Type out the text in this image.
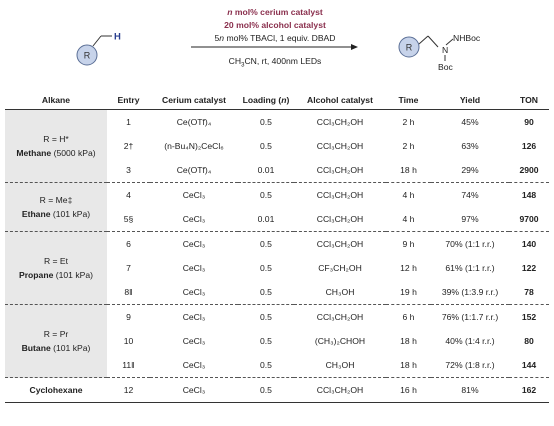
R
H
R	N
NHBoc
Boc
n mol% cerium catalyst
20 mol% alcohol catalyst
5n mol% TBACl, 1 equiv. DBAD
$CH_3CN$, rt, 400nm LEDs
Alkane	Entry	Cerium catalyst	Loading (n)	Alcohol catalyst	Time	Yield	TON
R = H*
Methane (5000 kPa)	1	Ce(OTf)₄	0.5	CCl₃CH₂OH	2 h	45%	90
	2†	(n-Bu₄N)₂CeCl₆	0.5	CCl₃CH₂OH	2 h	63%	126
	3	Ce(OTf)₄	0.01	CCl₃CH₂OH	18 h	29%	2900
R = Me‡
Ethane (101 kPa)	4	CeCl₃	0.5	CCl₃CH₂OH	4 h	74%	148
	5§	CeCl₃	0.01	CCl₃CH₂OH	4 h	97%	9700
R = Et
Propane (101 kPa)	6	CeCl₃	0.5	CCl₃CH₂OH	9 h	70% (1:1 r.r.)	140
	7	CeCl₃	0.5	CF₃CH₂OH	12 h	61% (1:1 r.r.)	122
	8‖	CeCl₃	0.5	CH₃OH	19 h	39% (1:3.9 r.r.)	78
R = Pr
Butane (101 kPa)	9	CeCl₃	0.5	CCl₃CH₂OH	6 h	76% (1:1.7 r.r.)	152
	10	CeCl₃	0.5	(CH₃)₂CHOH	18 h	40% (1:4 r.r.)	80
	11‖	CeCl₃	0.5	CH₃OH	18 h	72% (1:8 r.r.)	144
Cyclohexane	12	CeCl₃	0.5	CCl₃CH₂OH	16 h	81%	162
